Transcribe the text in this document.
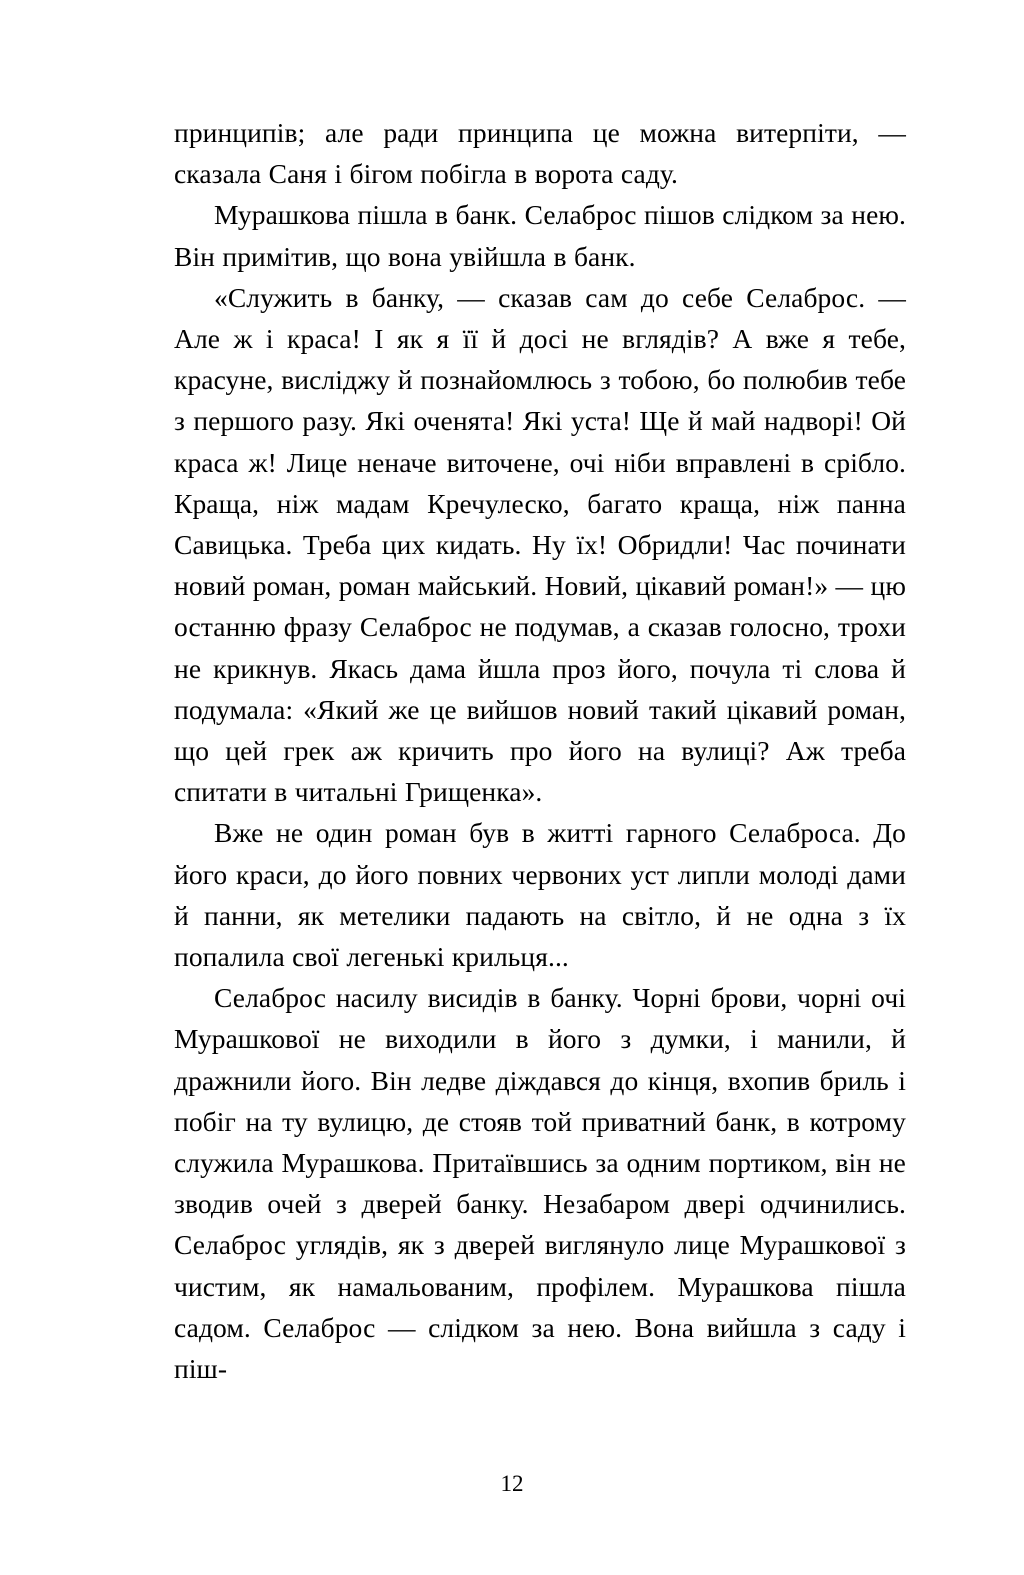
принципів; але ради принципа це можна витерпіти, — сказала Саня і бігом побігла в ворота саду.

Мурашкова пішла в банк. Селаброс пішов слідком за нею. Він примітив, що вона увійшла в банк.

«Служить в банку, — сказав сам до себе Селаброс. — Але ж і краса! І як я її й досі не вглядів? А вже я тебе, красуне, висліджу й познайомлюсь з тобою, бо полюбив тебе з першого разу. Які оченята! Які уста! Ще й май надворі! Ой краса ж! Лице неначе виточене, очі ніби вправлені в срібло. Краща, ніж мадам Кречулеско, багато краща, ніж панна Савицька. Треба цих кидать. Ну їх! Обридли! Час починати новий роман, роман майський. Новий, цікавий роман!» — цю останню фразу Селаброс не подумав, а сказав голосно, трохи не крикнув. Якась дама йшла проз його, почула ті слова й подумала: «Який же це вийшов новий такий цікавий роман, що цей грек аж кричить про його на вулиці? Аж треба спитати в читальні Грищенка».

Вже не один роман був в житті гарного Селаброса. До його краси, до його повних червоних уст липли молоді дами й панни, як метелики падають на світло, й не одна з їх попалила свої легенькі крильця...

Селаброс насилу висидів в банку. Чорні брови, чорні очі Мурашкової не виходили в його з думки, і манили, й дражнили його. Він ледве діждався до кінця, вхопив бриль і побіг на ту вулицю, де стояв той приватний банк, в котрому служила Мурашкова. Притаївшись за одним портиком, він не зводив очей з дверей банку. Незабаром двері одчинились. Селаброс углядів, як з дверей виглянуло лице Мурашкової з чистим, як намальованим, профілем. Мурашкова пішла садом. Селаброс — слідком за нею. Вона вийшла з саду і піш-

12
